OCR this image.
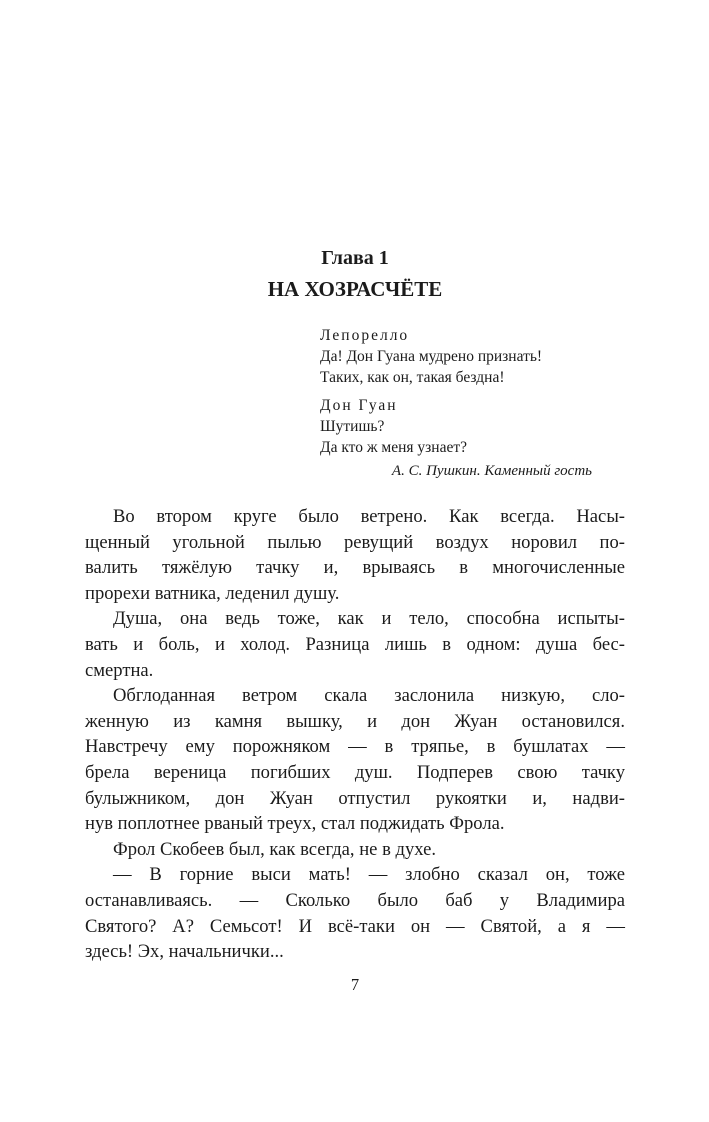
Глава 1
НА ХОЗРАСЧЁТЕ
Лепорелло
Да! Дон Гуана мудрено признать!
Таких, как он, такая бездна!
Дон Гуан
Шутишь?
Да кто ж меня узнает?
А. С. Пушкин. Каменный гость
Во втором круге было ветрено. Как всегда. Насы-
щенный угольной пылью ревущий воздух норовил по-
валить тяжёлую тачку и, врываясь в многочисленные
прорехи ватника, леденил душу.
Душа, она ведь тоже, как и тело, способна испыты-
вать и боль, и холод. Разница лишь в одном: душа бес-
смертна.
Обглоданная ветром скала заслонила низкую, сло-
женную из камня вышку, и дон Жуан остановился.
Навстречу ему порожняком — в тряпье, в бушлатах —
брела вереница погибших душ. Подперев свою тачку
булыжником, дон Жуан отпустил рукоятки и, надви-
нув поплотнее рваный треух, стал поджидать Фрола.
Фрол Скобеев был, как всегда, не в духе.
— В горние выси мать! — злобно сказал он, тоже
останавливаясь. — Сколько было баб у Владимира
Святого? А? Семьсот! И всё-таки он — Святой, а я —
здесь! Эх, начальнички...
7
